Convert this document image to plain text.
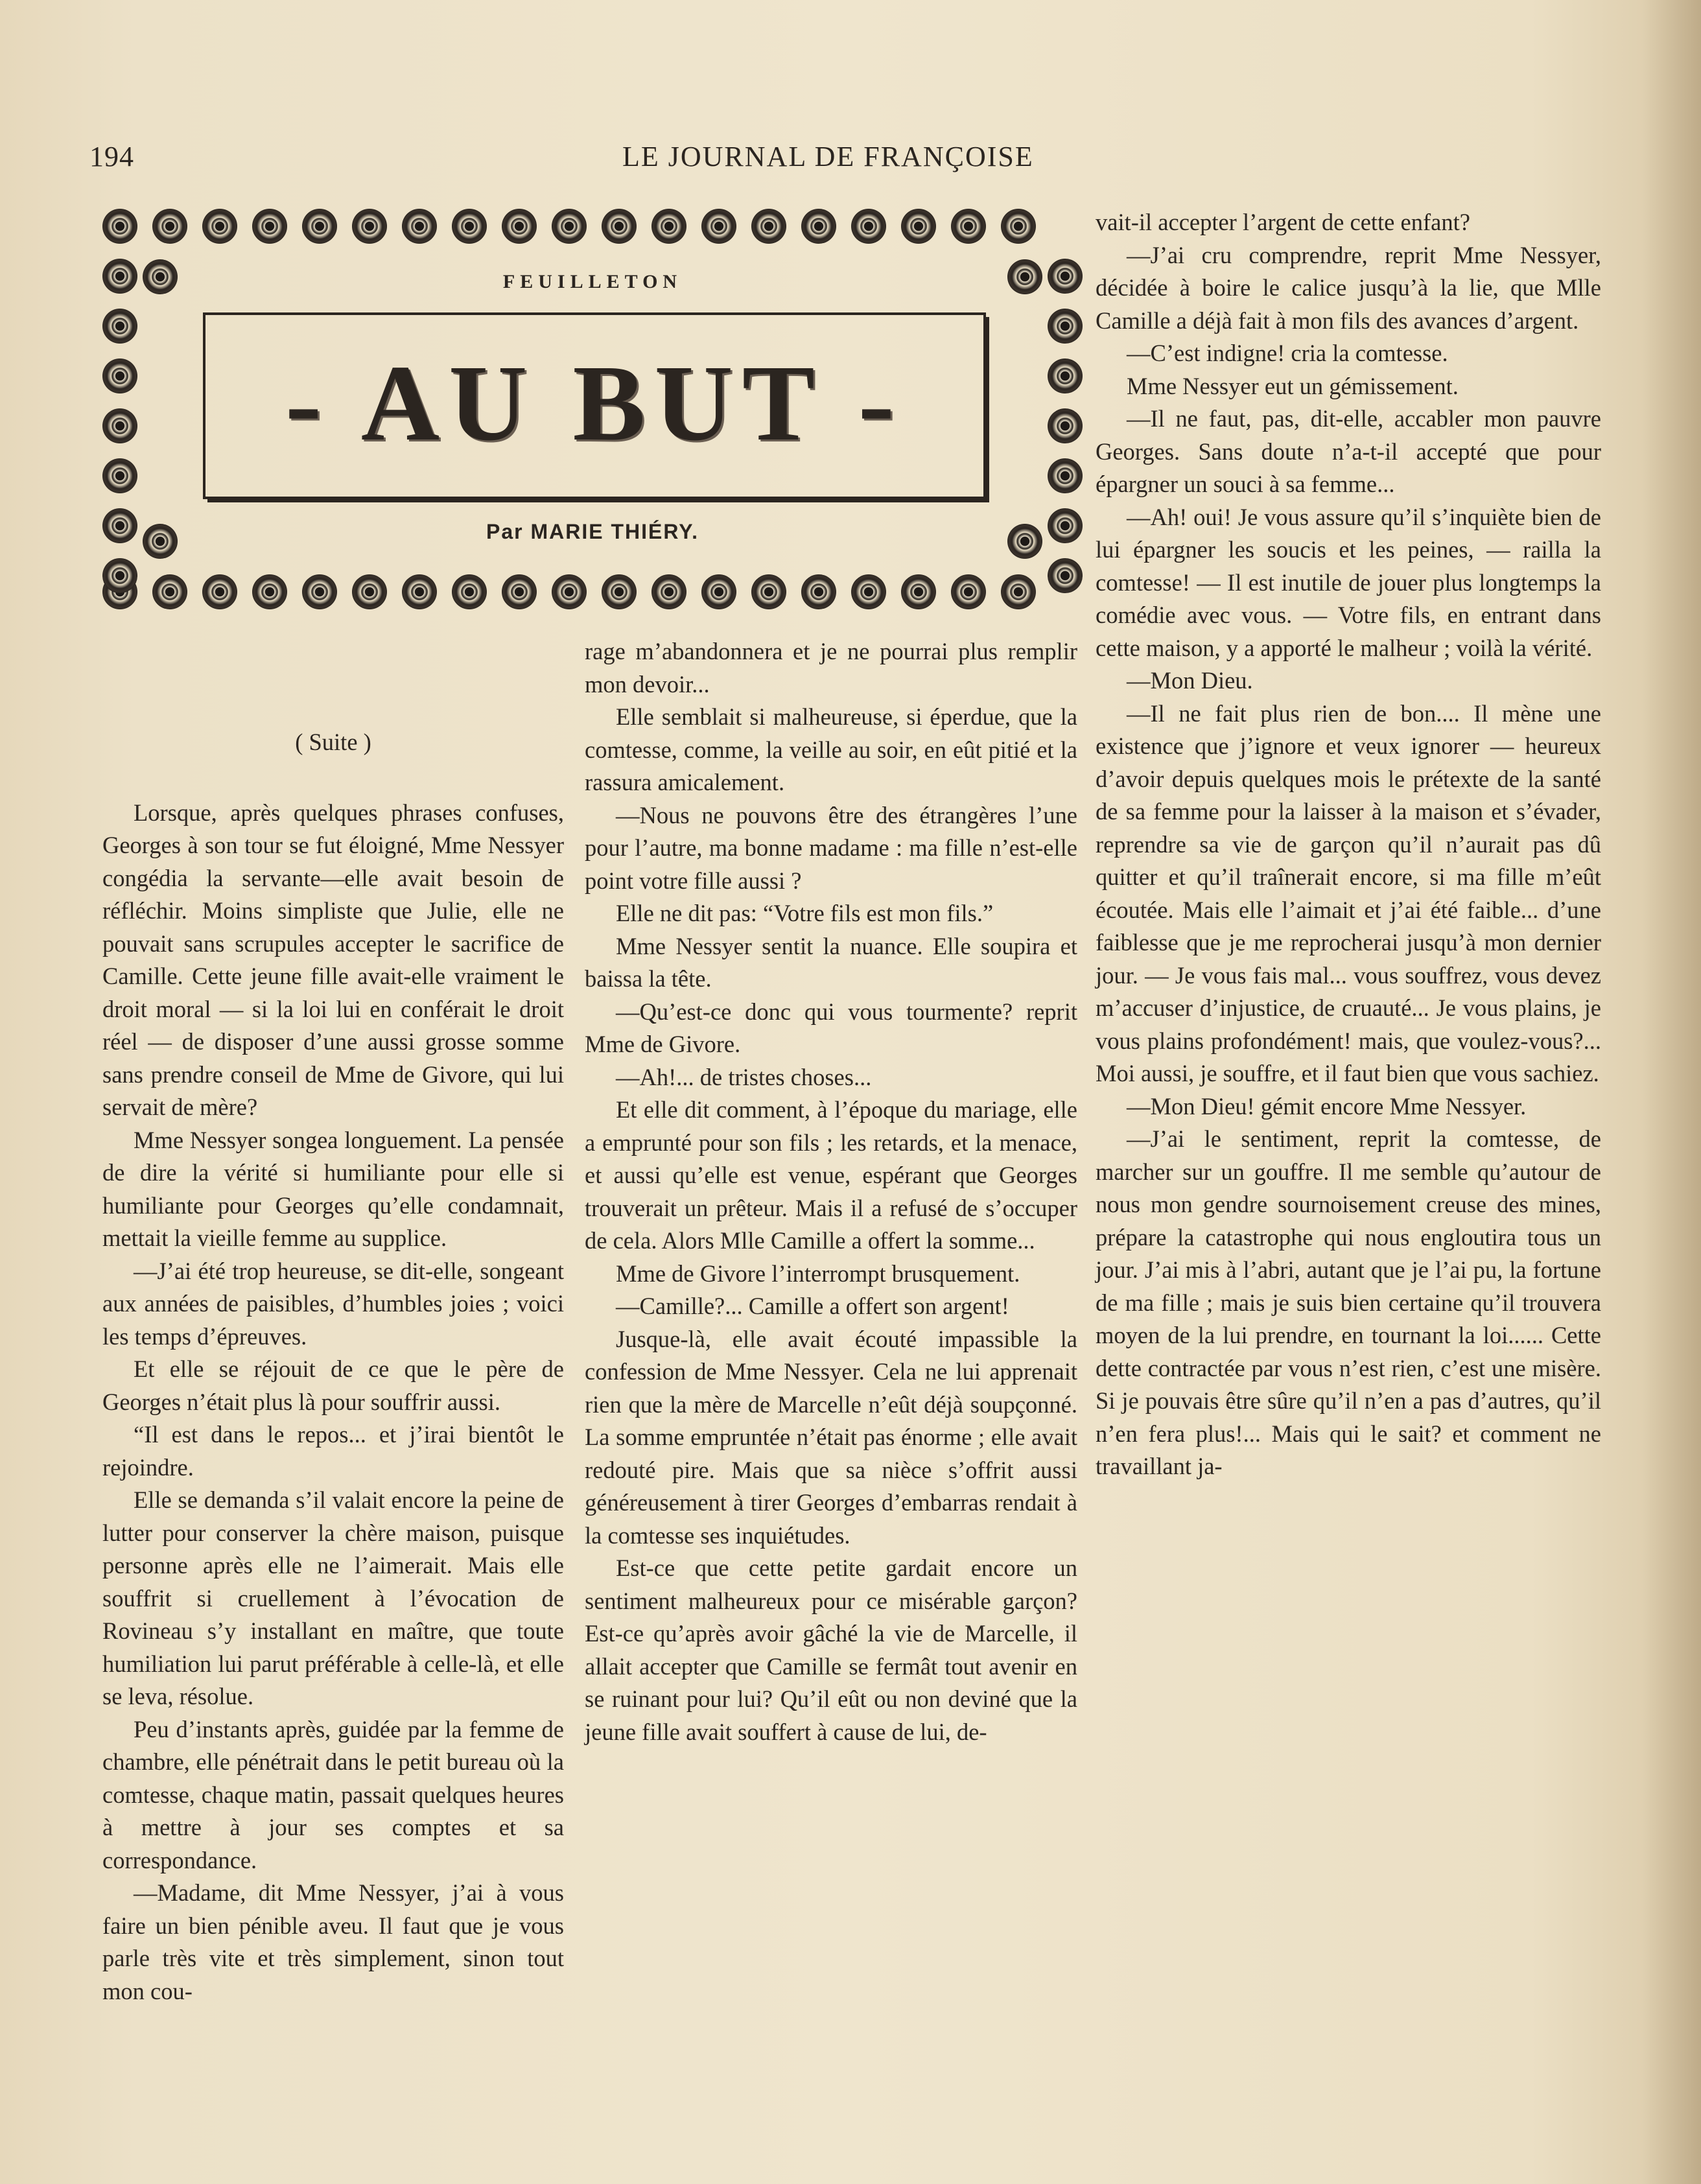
194	LE JOURNAL DE FRANÇOISE
FEUILLETON
- AU BUT -
Par MARIE THIÉRY.

( Suite )

Lorsque, après quelques phrases confuses, Georges à son tour se fut éloigné, Mme Nessyer congédia la servante—elle avait besoin de réfléchir. Moins simpliste que Julie, elle ne pouvait sans scrupules accepter le sacrifice de Camille. Cette jeune fille avait-elle vraiment le droit moral — si la loi lui en conférait le droit réel — de disposer d’une aussi grosse somme sans prendre conseil de Mme de Givore, qui lui servait de mère?

Mme Nessyer songea longuement. La pensée de dire la vérité si humiliante pour elle si humiliante pour Georges qu’elle condamnait, mettait la vieille femme au supplice.

—J’ai été trop heureuse, se dit-elle, songeant aux années de paisibles, d’humbles joies ; voici les temps d’épreuves.

Et elle se réjouit de ce que le père de Georges n’était plus là pour souffrir aussi.

“Il est dans le repos... et j’irai bientôt le rejoindre.

Elle se demanda s’il valait encore la peine de lutter pour conserver la chère maison, puisque personne après elle ne l’aimerait. Mais elle souffrit si cruellement à l’évocation de Rovineau s’y installant en maître, que toute humiliation lui parut préférable à celle-là, et elle se leva, résolue.

Peu d’instants après, guidée par la femme de chambre, elle pénétrait dans le petit bureau où la comtesse, chaque matin, passait quelques heures à mettre à jour ses comptes et sa correspondance.

—Madame, dit Mme Nessyer, j’ai à vous faire un bien pénible aveu. Il faut que je vous parle très vite et très simplement, sinon tout mon cou-

rage m’abandonnera et je ne pourrai plus remplir mon devoir...

Elle semblait si malheureuse, si éperdue, que la comtesse, comme, la veille au soir, en eût pitié et la rassura amicalement.

—Nous ne pouvons être des étrangères l’une pour l’autre, ma bonne madame : ma fille n’est-elle point votre fille aussi ?

Elle ne dit pas: “Votre fils est mon fils.”

Mme Nessyer sentit la nuance. Elle soupira et baissa la tête.

—Qu’est-ce donc qui vous tourmente? reprit Mme de Givore.

—Ah!... de tristes choses...

Et elle dit comment, à l’époque du mariage, elle a emprunté pour son fils ; les retards, et la menace, et aussi qu’elle est venue, espérant que Georges trouverait un prêteur. Mais il a refusé de s’occuper de cela. Alors Mlle Camille a offert la somme...

Mme de Givore l’interrompt brusquement.

—Camille?... Camille a offert son argent!

Jusque-là, elle avait écouté impassible la confession de Mme Nessyer. Cela ne lui apprenait rien que la mère de Marcelle n’eût déjà soupçonné. La somme empruntée n’était pas énorme ; elle avait redouté pire. Mais que sa nièce s’offrit aussi généreusement à tirer Georges d’embarras rendait à la comtesse ses inquiétudes.

Est-ce que cette petite gardait encore un sentiment malheureux pour ce misérable garçon? Est-ce qu’après avoir gâché la vie de Marcelle, il allait accepter que Camille se fermât tout avenir en se ruinant pour lui? Qu’il eût ou non deviné que la jeune fille avait souffert à cause de lui, de-

vait-il accepter l’argent de cette enfant?

—J’ai cru comprendre, reprit Mme Nessyer, décidée à boire le calice jusqu’à la lie, que Mlle Camille a déjà fait à mon fils des avances d’argent.

—C’est indigne! cria la comtesse.

Mme Nessyer eut un gémissement.

—Il ne faut, pas, dit-elle, accabler mon pauvre Georges. Sans doute n’a-t-il accepté que pour épargner un souci à sa femme...

—Ah! oui! Je vous assure qu’il s’inquiète bien de lui épargner les soucis et les peines, — railla la comtesse! — Il est inutile de jouer plus longtemps la comédie avec vous. — Votre fils, en entrant dans cette maison, y a apporté le malheur ; voilà la vérité.

—Mon Dieu.

—Il ne fait plus rien de bon.... Il mène une existence que j’ignore et veux ignorer — heureux d’avoir depuis quelques mois le prétexte de la santé de sa femme pour la laisser à la maison et s’évader, reprendre sa vie de garçon qu’il n’aurait pas dû quitter et qu’il traînerait encore, si ma fille m’eût écoutée. Mais elle l’aimait et j’ai été faible... d’une faiblesse que je me reprocherai jusqu’à mon dernier jour. — Je vous fais mal... vous souffrez, vous devez m’accuser d’injustice, de cruauté... Je vous plains, je vous plains profondément! mais, que voulez-vous?... Moi aussi, je souffre, et il faut bien que vous sachiez.

—Mon Dieu! gémit encore Mme Nessyer.

—J’ai le sentiment, reprit la comtesse, de marcher sur un gouffre. Il me semble qu’autour de nous mon gendre sournoisement creuse des mines, prépare la catastrophe qui nous engloutira tous un jour. J’ai mis à l’abri, autant que je l’ai pu, la fortune de ma fille ; mais je suis bien certaine qu’il trouvera moyen de la lui prendre, en tournant la loi...... Cette dette contractée par vous n’est rien, c’est une misère. Si je pouvais être sûre qu’il n’en a pas d’autres, qu’il n’en fera plus!... Mais qui le sait? et comment ne travaillant ja-
